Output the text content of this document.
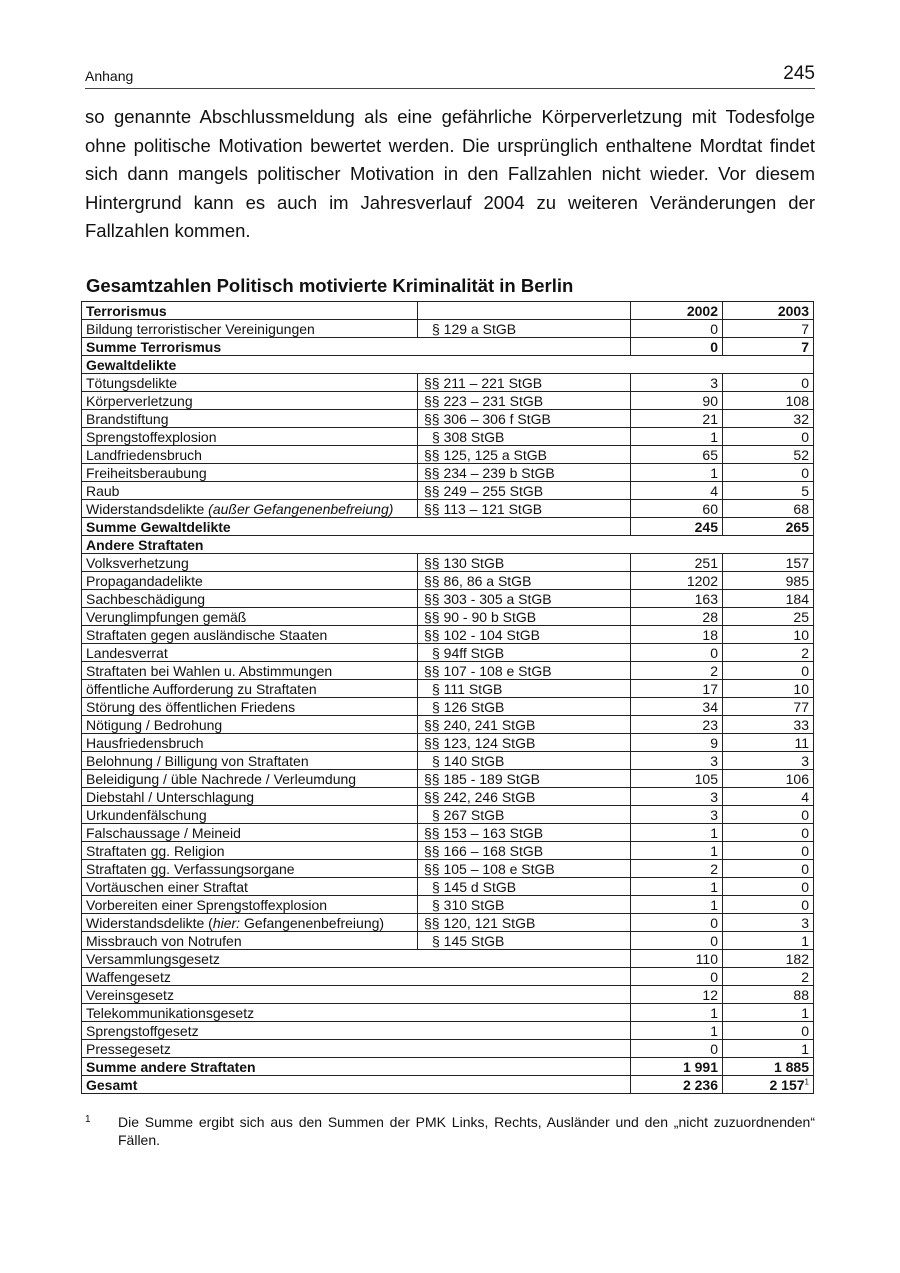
Anhang	245
so genannte Abschlussmeldung als eine gefährliche Körperverletzung mit Todesfolge ohne politische Motivation bewertet werden. Die ursprünglich enthaltene Mordtat findet sich dann mangels politischer Motivation in den Fallzahlen nicht wieder. Vor diesem Hintergrund kann es auch im Jahresverlauf 2004 zu weiteren Veränderungen der Fallzahlen kommen.
Gesamtzahlen Politisch motivierte Kriminalität in Berlin
Terrorismus		2002	2003
Bildung terroristischer Vereinigungen	§ 129 a StGB	0	7
Summe Terrorismus		0	7
Gewaltdelikte			
Tötungsdelikte	§§ 211 – 221 StGB	3	0
Körperverletzung	§§ 223 – 231 StGB	90	108
Brandstiftung	§§ 306 – 306 f StGB	21	32
Sprengstoffexplosion	§ 308 StGB	1	0
Landfriedensbruch	§§ 125, 125 a StGB	65	52
Freiheitsberaubung	§§ 234 – 239 b StGB	1	0
Raub	§§ 249 – 255 StGB	4	5
Widerstandsdelikte (außer Gefangenenbefreiung)	§§ 113 – 121 StGB	60	68
Summe Gewaltdelikte		245	265
Andere Straftaten			
Volksverhetzung	§§ 130 StGB	251	157
Propagandadelikte	§§ 86, 86 a StGB	1202	985
Sachbeschädigung	§§ 303 - 305 a StGB	163	184
Verunglimpfungen gemäß	§§ 90 - 90 b StGB	28	25
Straftaten gegen ausländische Staaten	§§ 102 - 104 StGB	18	10
Landesverrat	§ 94ff StGB	0	2
Straftaten bei Wahlen u. Abstimmungen	§§ 107 - 108 e StGB	2	0
öffentliche Aufforderung zu Straftaten	§ 111 StGB	17	10
Störung des öffentlichen Friedens	§ 126 StGB	34	77
Nötigung / Bedrohung	§§ 240, 241 StGB	23	33
Hausfriedensbruch	§§ 123, 124 StGB	9	11
Belohnung / Billigung von Straftaten	§ 140 StGB	3	3
Beleidigung / üble Nachrede / Verleumdung	§§ 185 - 189 StGB	105	106
Diebstahl / Unterschlagung	§§ 242, 246 StGB	3	4
Urkundenfälschung	§ 267 StGB	3	0
Falschaussage / Meineid	§§ 153 – 163 StGB	1	0
Straftaten gg. Religion	§§ 166 – 168 StGB	1	0
Straftaten gg. Verfassungsorgane	§§ 105 – 108 e StGB	2	0
Vortäuschen einer Straftat	§ 145 d StGB	1	0
Vorbereiten einer Sprengstoffexplosion	§ 310 StGB	1	0
Widerstandsdelikte (hier: Gefangenenbefreiung)	§§ 120, 121 StGB	0	3
Missbrauch von Notrufen	§ 145 StGB	0	1
Versammlungsgesetz		110	182
Waffengesetz		0	2
Vereinsgesetz		12	88
Telekommunikationsgesetz		1	1
Sprengstoffgesetz		1	0
Pressegesetz		0	1
Summe andere Straftaten		1 991	1 885
Gesamt		2 236	2 157$^1$
1 Die Summe ergibt sich aus den Summen der PMK Links, Rechts, Ausländer und den „nicht zuzuordnenden“ Fällen.
